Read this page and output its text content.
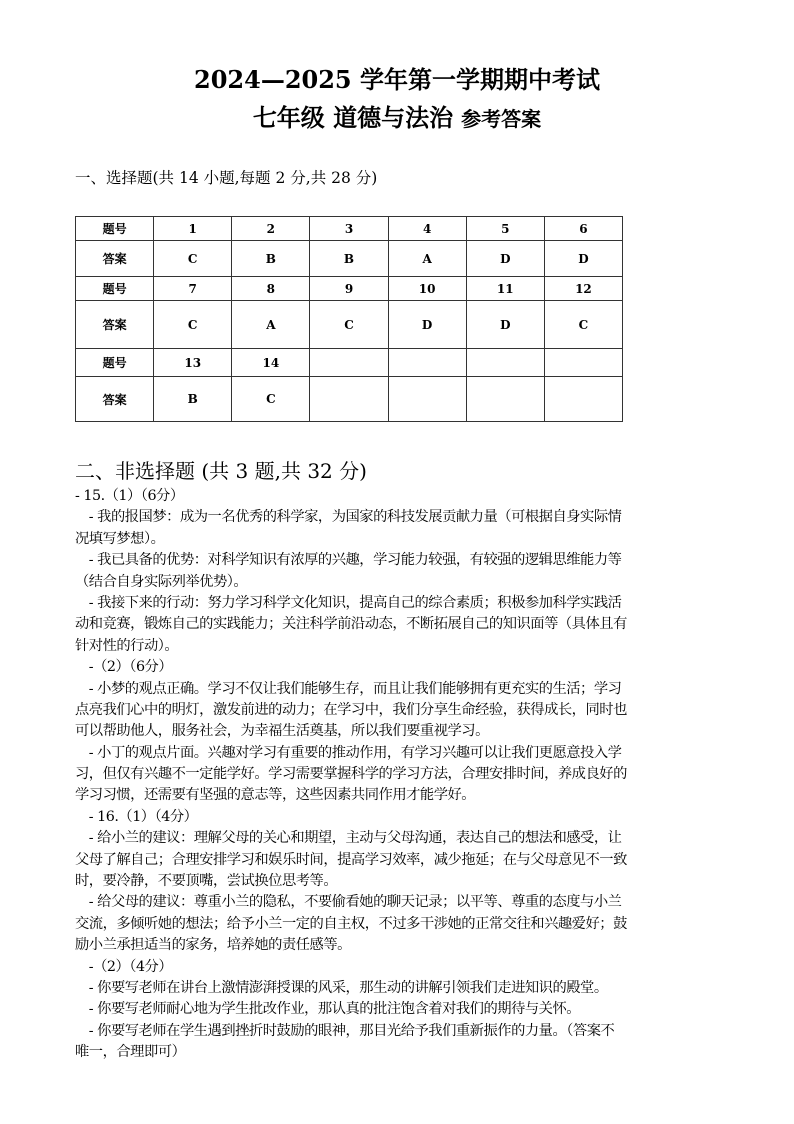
2024—2025 学年第一学期期中考试
七年级 道德与法治 参考答案
一、选择题(共 14 小题,每题 2 分,共 28 分)
题号	1	2	3	4	5	6
答案	C	B	B	A	D	D
题号	7	8	9	10	11	12
答案	C	A	C	D	D	C
题号	13	14				
答案	B	C				
二、非选择题 (共 3 题,共 32 分)
- 15.（1）（6分）
　- 我的报国梦：成为一名优秀的科学家，为国家的科技发展贡献力量（可根据自身实际情
况填写梦想）。
　- 我已具备的优势：对科学知识有浓厚的兴趣，学习能力较强，有较强的逻辑思维能力等
（结合自身实际列举优势）。
　- 我接下来的行动：努力学习科学文化知识，提高自己的综合素质；积极参加科学实践活
动和竞赛，锻炼自己的实践能力；关注科学前沿动态，不断拓展自己的知识面等（具体且有
针对性的行动）。
　-（2）（6分）
　- 小梦的观点正确。学习不仅让我们能够生存，而且让我们能够拥有更充实的生活；学习
点亮我们心中的明灯，激发前进的动力；在学习中，我们分享生命经验，获得成长，同时也
可以帮助他人，服务社会，为幸福生活奠基，所以我们要重视学习。
　- 小丁的观点片面。兴趣对学习有重要的推动作用，有学习兴趣可以让我们更愿意投入学
习，但仅有兴趣不一定能学好。学习需要掌握科学的学习方法，合理安排时间，养成良好的
学习习惯，还需要有坚强的意志等，这些因素共同作用才能学好。
　- 16.（1）（4分）
　- 给小兰的建议：理解父母的关心和期望，主动与父母沟通，表达自己的想法和感受，让
父母了解自己；合理安排学习和娱乐时间，提高学习效率，减少拖延；在与父母意见不一致
时，要冷静，不要顶嘴，尝试换位思考等。
　- 给父母的建议：尊重小兰的隐私，不要偷看她的聊天记录；以平等、尊重的态度与小兰
交流，多倾听她的想法；给予小兰一定的自主权，不过多干涉她的正常交往和兴趣爱好；鼓
励小兰承担适当的家务，培养她的责任感等。
　-（2）（4分）
　- 你要写老师在讲台上激情澎湃授课的风采，那生动的讲解引领我们走进知识的殿堂。
　- 你要写老师耐心地为学生批改作业，那认真的批注饱含着对我们的期待与关怀。
　- 你要写老师在学生遇到挫折时鼓励的眼神，那目光给予我们重新振作的力量。（答案不
唯一，合理即可）
